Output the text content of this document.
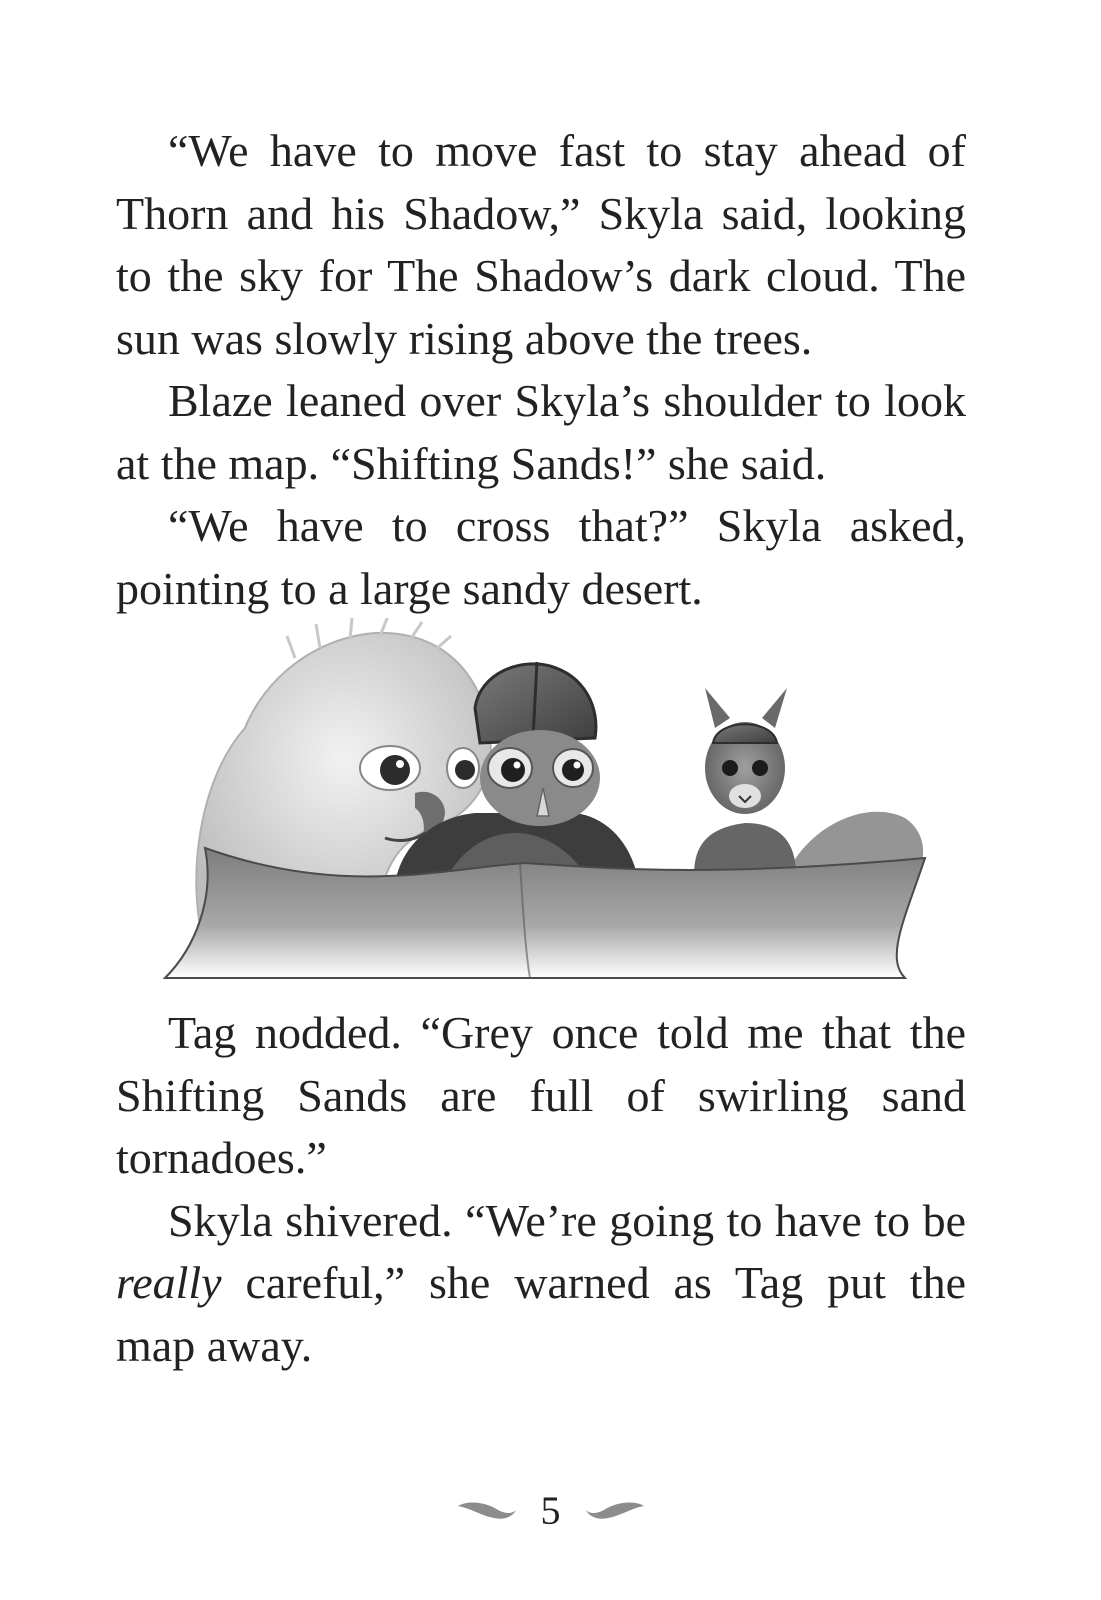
“We have to move fast to stay ahead of Thorn and his Shadow,” Skyla said, looking to the sky for The Shadow’s dark cloud. The sun was slowly rising above the trees.

Blaze leaned over Skyla’s shoulder to look at the map. “Shifting Sands!” she said.

“We have to cross that?” Skyla asked, pointing to a large sandy desert.

Tag nodded. “Grey once told me that the Shifting Sands are full of swirling sand tornadoes.”

Skyla shivered. “We’re going to have to be really careful,” she warned as Tag put the map away.

5
